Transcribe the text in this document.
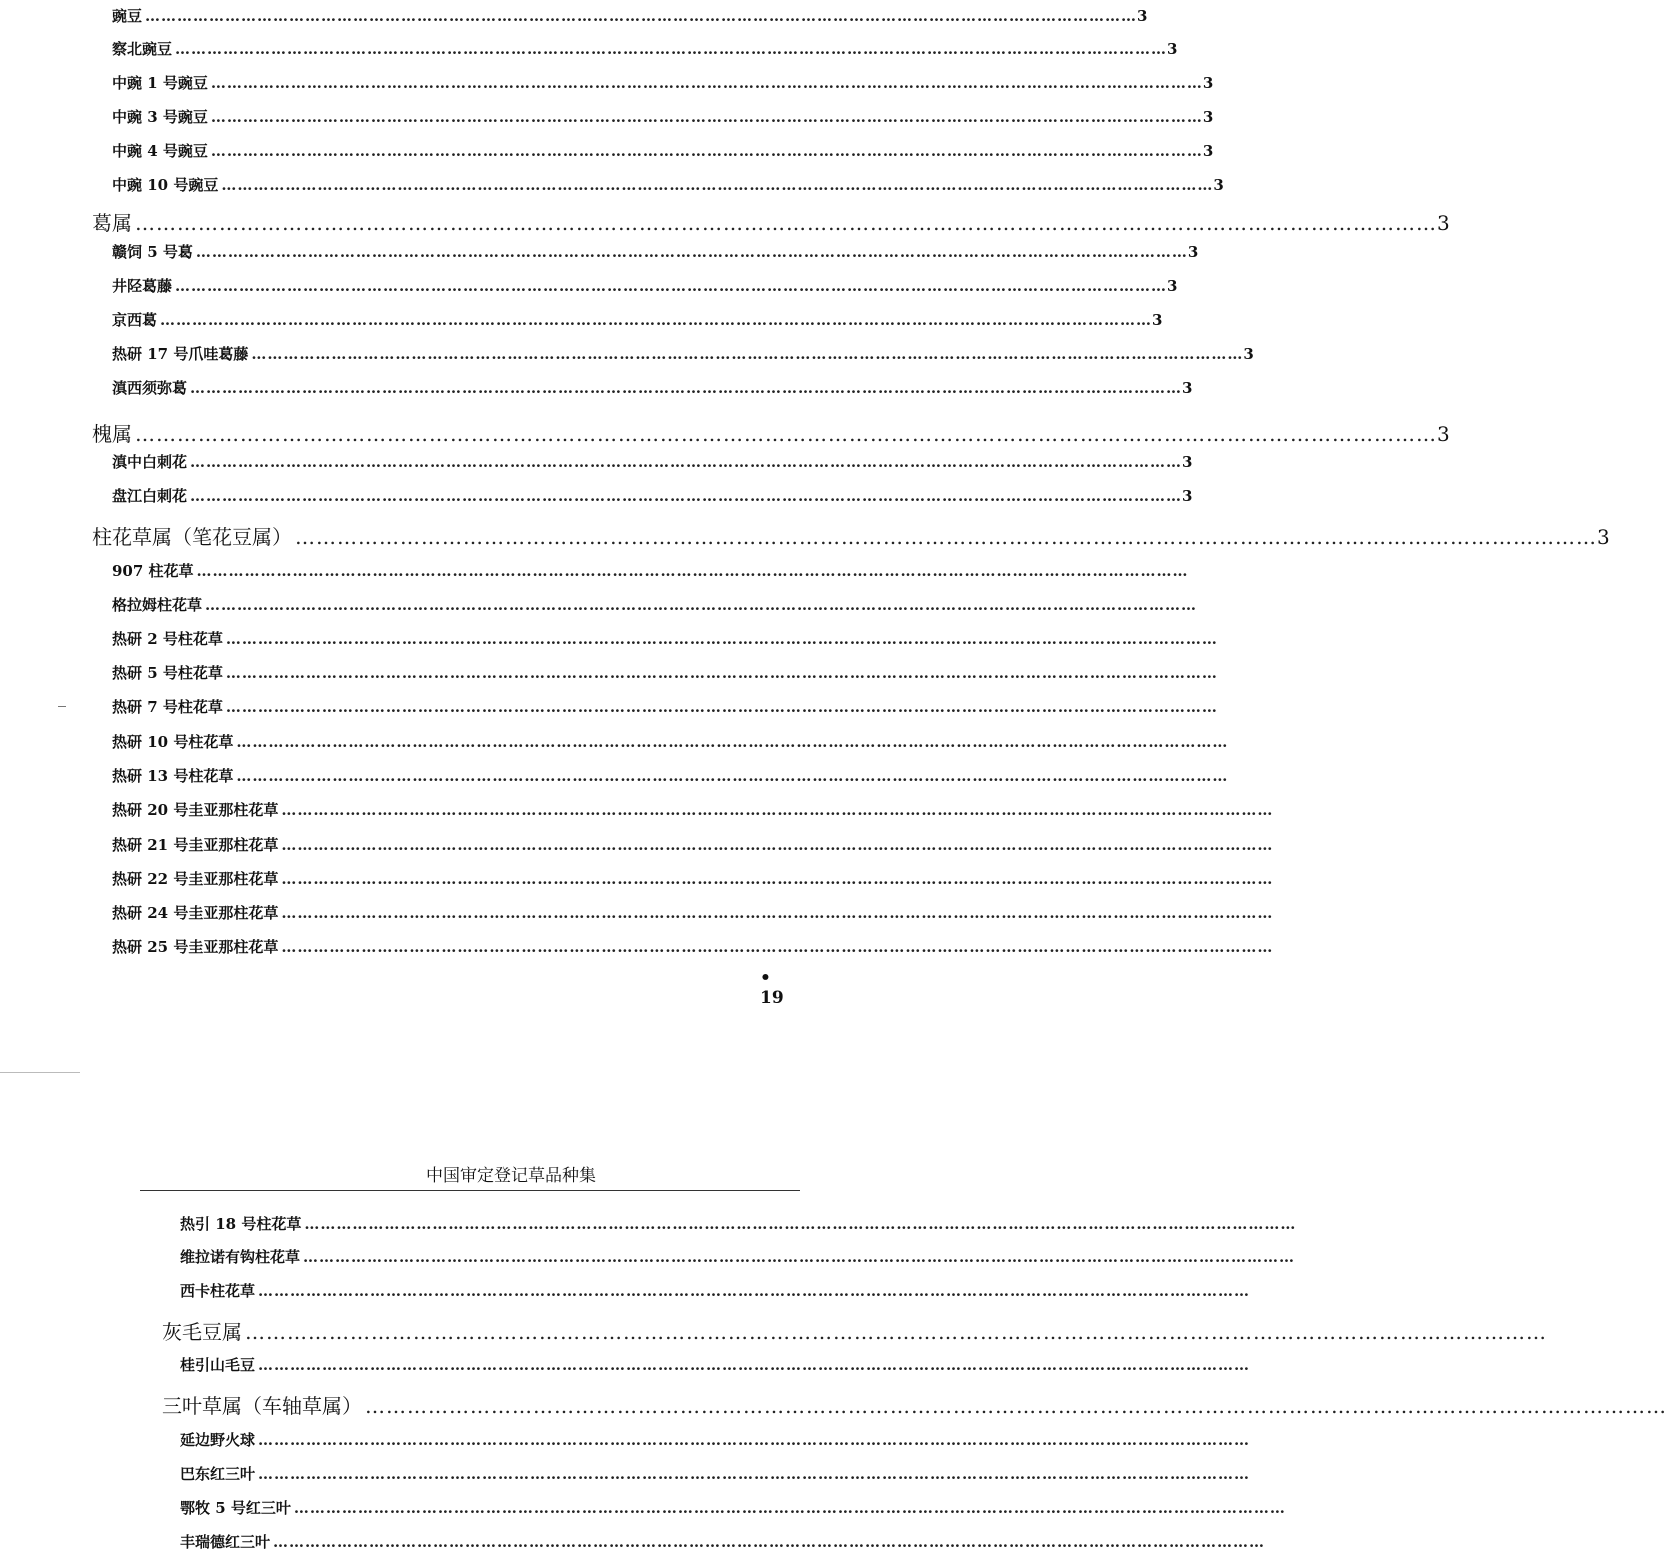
豌豆 …………………………………………………………………………………………………………………………………………………………………… 3
察北豌豆 …………………………………………………………………………………………………………………………………………………………………… 3
中豌 1 号豌豆 …………………………………………………………………………………………………………………………………………………………………… 3
中豌 3 号豌豆 …………………………………………………………………………………………………………………………………………………………………… 3
中豌 4 号豌豆 …………………………………………………………………………………………………………………………………………………………………… 3
中豌 10 号豌豆 …………………………………………………………………………………………………………………………………………………………………… 3
葛属 …………………………………………………………………………………………………………………………………………………………………… 3
赣饲 5 号葛 …………………………………………………………………………………………………………………………………………………………………… 3
井陉葛藤 …………………………………………………………………………………………………………………………………………………………………… 3
京西葛 …………………………………………………………………………………………………………………………………………………………………… 3
热研 17 号爪哇葛藤 …………………………………………………………………………………………………………………………………………………………………… 3
滇西须弥葛 …………………………………………………………………………………………………………………………………………………………………… 3
槐属 …………………………………………………………………………………………………………………………………………………………………… 3
滇中白刺花 …………………………………………………………………………………………………………………………………………………………………… 3
盘江白刺花 …………………………………………………………………………………………………………………………………………………………………… 3
柱花草属（笔花豆属） …………………………………………………………………………………………………………………………………………………………………… 3
907 柱花草 ……………………………………………………………………………………………………………………………………………………………………
格拉姆柱花草 ……………………………………………………………………………………………………………………………………………………………………
热研 2 号柱花草 ……………………………………………………………………………………………………………………………………………………………………
热研 5 号柱花草 ……………………………………………………………………………………………………………………………………………………………………
热研 7 号柱花草 ……………………………………………………………………………………………………………………………………………………………………
热研 10 号柱花草 ……………………………………………………………………………………………………………………………………………………………………
热研 13 号柱花草 ……………………………………………………………………………………………………………………………………………………………………
热研 20 号圭亚那柱花草 ……………………………………………………………………………………………………………………………………………………………………
热研 21 号圭亚那柱花草 ……………………………………………………………………………………………………………………………………………………………………
热研 22 号圭亚那柱花草 ……………………………………………………………………………………………………………………………………………………………………
热研 24 号圭亚那柱花草 ……………………………………………………………………………………………………………………………………………………………………
热研 25 号圭亚那柱花草 ……………………………………………………………………………………………………………………………………………………………………
• 19
中国审定登记草品种集
热引 18 号柱花草 ……………………………………………………………………………………………………………………………………………………………………
维拉诺有钩柱花草 ……………………………………………………………………………………………………………………………………………………………………
西卡柱花草 ……………………………………………………………………………………………………………………………………………………………………
灰毛豆属 ……………………………………………………………………………………………………………………………………………………………………
桂引山毛豆 ……………………………………………………………………………………………………………………………………………………………………
三叶草属（车轴草属） ……………………………………………………………………………………………………………………………………………………………………
延边野火球 ……………………………………………………………………………………………………………………………………………………………………
巴东红三叶 ……………………………………………………………………………………………………………………………………………………………………
鄂牧 5 号红三叶 ……………………………………………………………………………………………………………………………………………………………………
丰瑞德红三叶 ……………………………………………………………………………………………………………………………………………………………………
